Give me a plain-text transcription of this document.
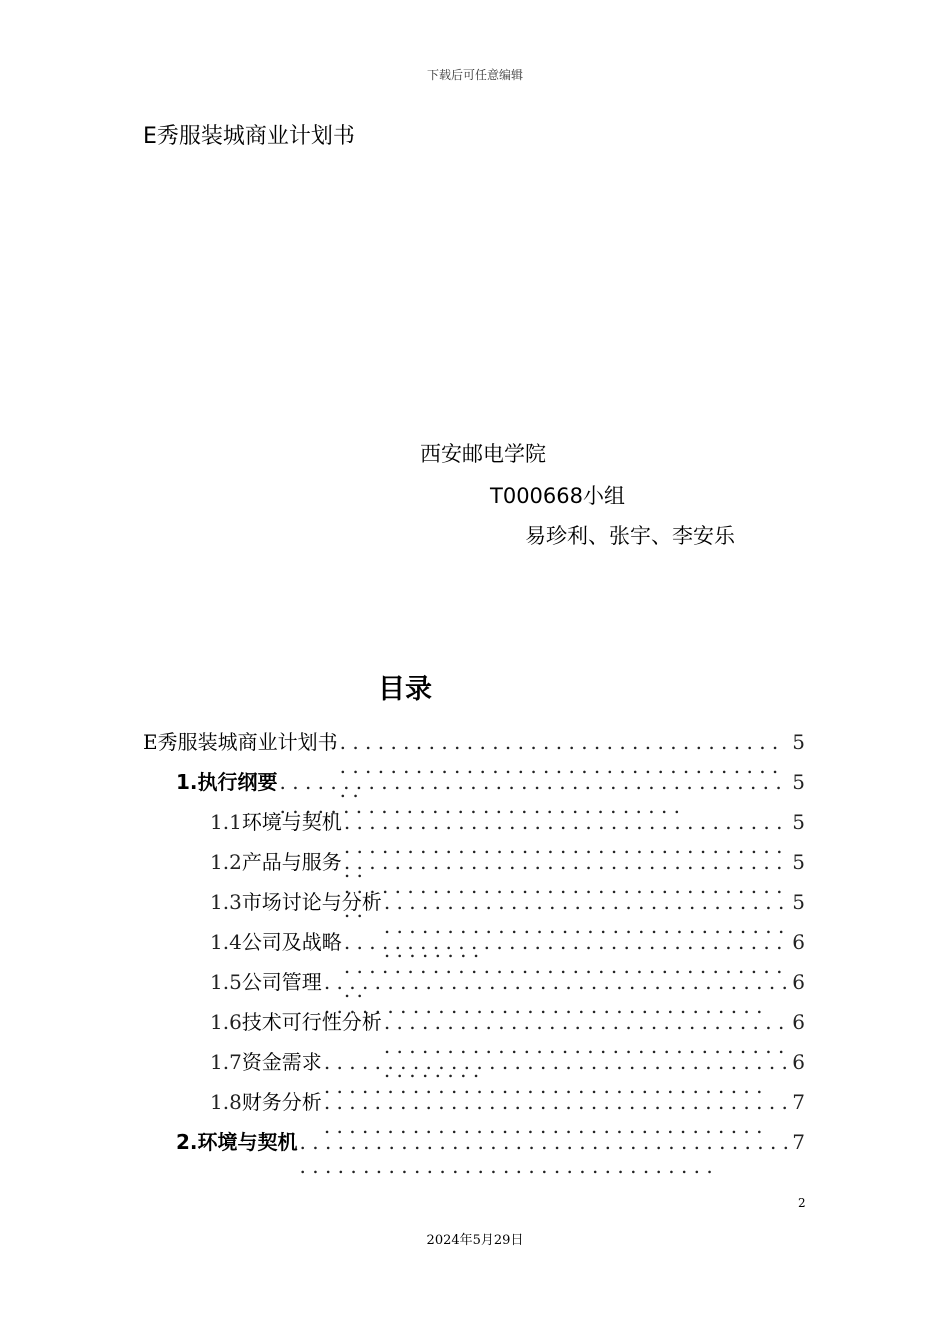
下载后可任意编辑
E秀服装城商业计划书
西安邮电学院
T000668小组
易珍利、张宇、李安乐
目录
E秀服装城商业计划书 . . .	5
1. 执行纲要 . . .	5
1.1 环境与契机 . . .	5
1.2 产品与服务 . . .	5
1.3 市场讨论与分析 . . .	5
1.4 公司及战略 . . .	6
1.5 公司管理 . . .	6
1.6 技术可行性分析 . . .	6
1.7 资金需求 . . .	6
1.8 财务分析 . . .	7
2. 环境与契机 . . .	7
2
2024年5月29日
